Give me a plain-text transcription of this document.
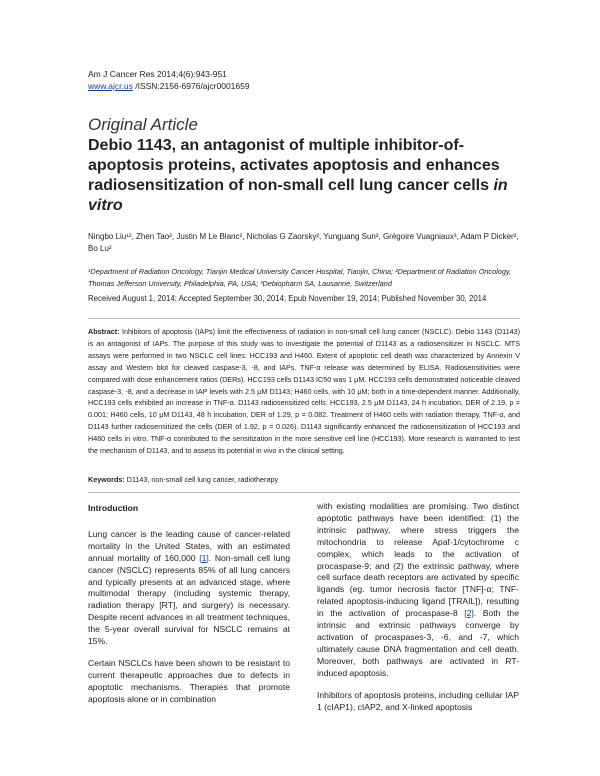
Am J Cancer Res 2014;4(6):943-951
www.ajcr.us /ISSN:2156-6976/ajcr0001659
Original Article
Debio 1143, an antagonist of multiple inhibitor-of-apoptosis proteins, activates apoptosis and enhances radiosensitization of non-small cell lung cancer cells in vitro
Ningbo Liu¹², Zhen Tao², Justin M Le Blanc², Nicholas G Zaorsky², Yunguang Sun², Grégoire Vuagniaux³, Adam P Dicker², Bo Lu²
¹Department of Radiation Oncology, Tianjin Medical University Cancer Hospital, Tianjin, China; ²Department of Radiation Oncology, Thomas Jefferson University, Philadelphia, PA, USA; ³Debiopharm SA, Lausanne, Switzerland
Received August 1, 2014; Accepted September 30, 2014; Epub November 19, 2014; Published November 30, 2014
Abstract: Inhibitors of apoptosis (IAPs) limit the effectiveness of radiation in non-small cell lung cancer (NSCLC). Debio 1143 (D1143) is an antagonist of IAPs. The purpose of this study was to investigate the potential of D1143 as a radiosensitizer in NSCLC. MTS assays were performed in two NSCLC cell lines: HCC193 and H460. Extent of apoptotic cell death was characterized by Annexin V assay and Western blot for cleaved caspase-3, -8, and IAPs. TNF-α release was determined by ELISA. Radiosensitivities were compared with dose enhancement ratios (DERs). HCC193 cells D1143 IC50 was 1 μM. HCC193 cells demonstrated noticeable cleaved caspase-3, -8, and a decrease in IAP levels with 2.5 μM D1143; H460 cells, with 10 μM; both in a time-dependent manner. Additionally, HCC193 cells exhibited an increase in TNF-α. D1143 radiosensitized cells: HCC193, 2.5 μM D1143, 24 h incubation, DER of 2.19, p = 0.001; H460 cells, 10 μM D1143, 48 h incubation, DER of 1.29, p = 0.082. Treatment of H460 cells with radiation therapy, TNF-α, and D1143 further radiosensitized the cells (DER of 1.92, p = 0.026). D1143 significantly enhanced the radiosensitization of HCC193 and H460 cells in vitro. TNF-α contributed to the sensitization in the more sensitive cell line (HCC193). More research is warranted to test the mechanism of D1143, and to assess its potential in vivo in the clinical setting.
Keywords: D1143, non-small cell lung cancer, radiotherapy
Introduction
Lung cancer is the leading cause of cancer-related mortality in the United States, with an estimated annual mortality of 160,000 [1]. Non-small cell lung cancer (NSCLC) represents 85% of all lung cancers and typically presents at an advanced stage, where multimodal therapy (including systemic therapy, radiation therapy [RT], and surgery) is necessary. Despite recent advances in all treatment techniques, the 5-year overall survival for NSCLC remains at 15%.
Certain NSCLCs have been shown to be resistant to current therapeutic approaches due to defects in apoptotic mechanisms. Therapies that promote apoptosis alone or in combination
with existing modalities are promising. Two distinct apoptotic pathways have been identified: (1) the intrinsic pathway, where stress triggers the mitochondria to release Apaf-1/cytochrome c complex, which leads to the activation of procaspase-9; and (2) the extrinsic pathway, where cell surface death receptors are activated by specific ligands (eg. tumor necrosis factor [TNF]-α; TNF-related apoptosis-inducing ligand [TRAIL]), resulting in the activation of procaspase-8 [2]. Both the intrinsic and extrinsic pathways converge by activation of procaspases-3, -6, and -7, which ultimately cause DNA fragmentation and cell death. Moreover, both pathways are activated in RT-induced apoptosis.
Inhibitors of apoptosis proteins, including cellular IAP 1 (cIAP1), cIAP2, and X-linked apoptosis
